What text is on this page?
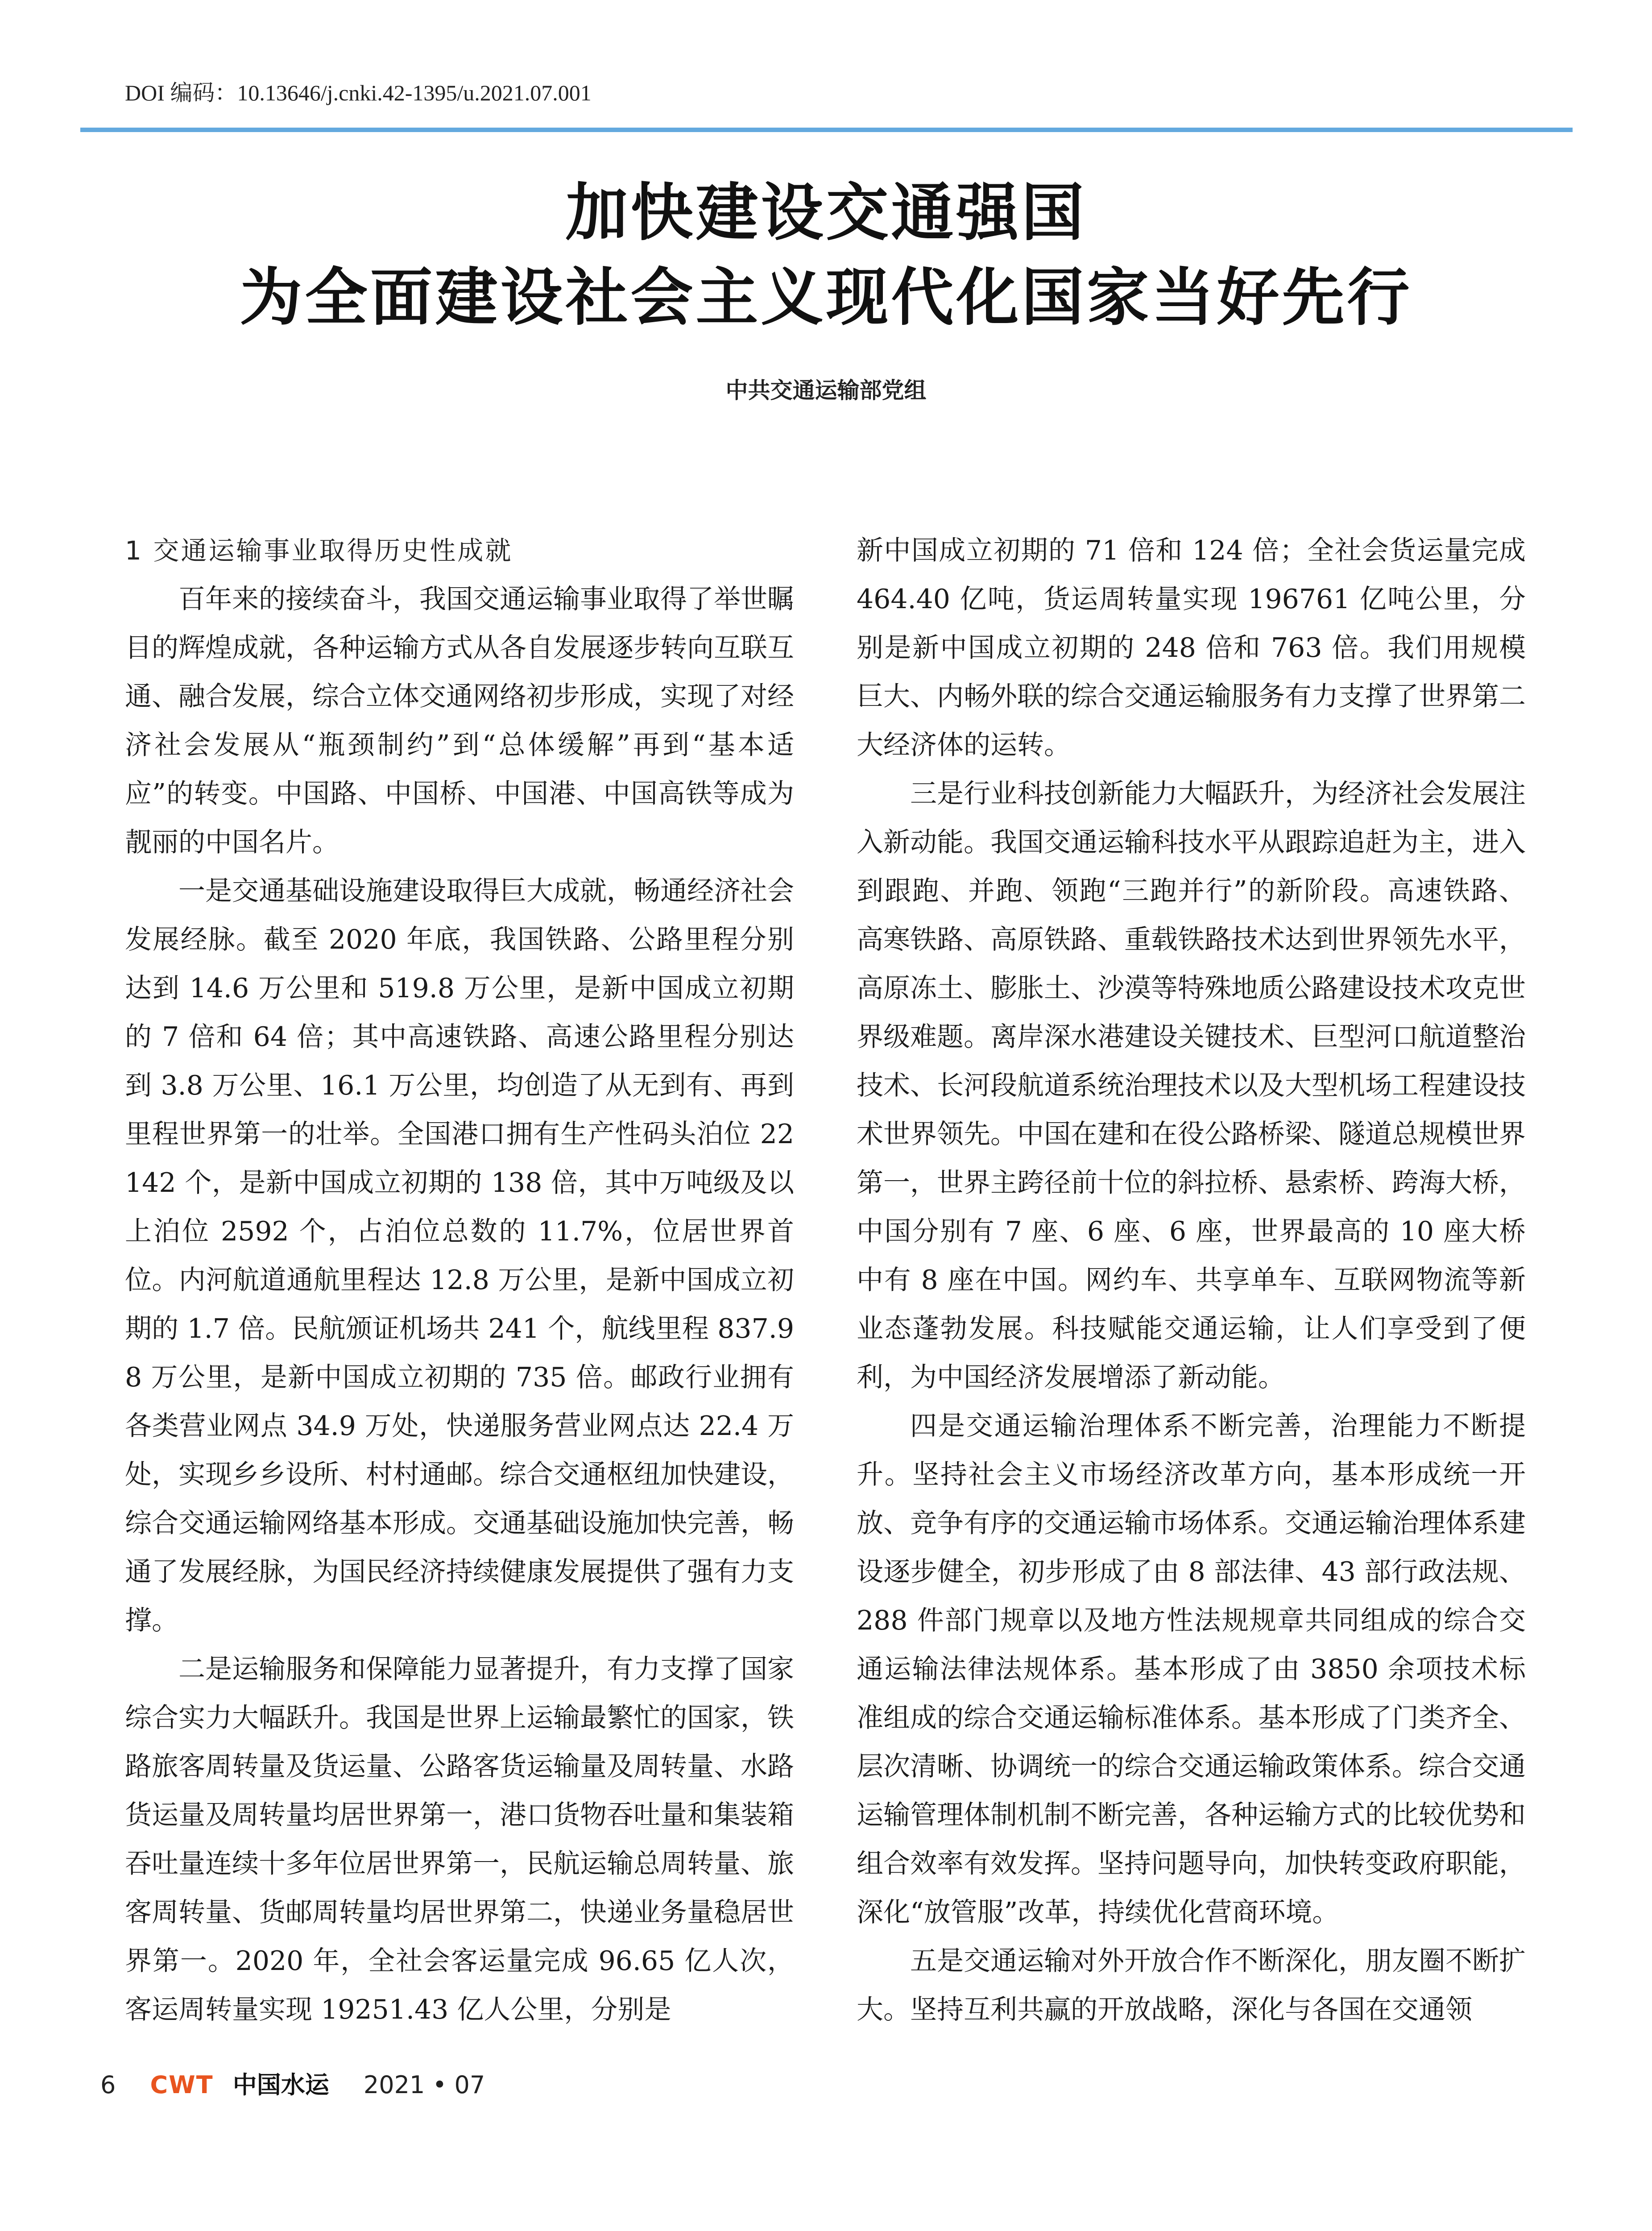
DOI 编码：10.13646/j.cnki.42-1395/u.2021.07.001
加快建设交通强国
为全面建设社会主义现代化国家当好先行
中共交通运输部党组
1 交通运输事业取得历史性成就

百年来的接续奋斗，我国交通运输事业取得了举世瞩目的辉煌成就，各种运输方式从各自发展逐步转向互联互通、融合发展，综合立体交通网络初步形成，实现了对经济社会发展从“瓶颈制约”到“总体缓解”再到“基本适应”的转变。中国路、中国桥、中国港、中国高铁等成为靓丽的中国名片。

一是交通基础设施建设取得巨大成就，畅通经济社会发展经脉。截至 2020 年底，我国铁路、公路里程分别达到 14.6 万公里和 519.8 万公里，是新中国成立初期的 7 倍和 64 倍；其中高速铁路、高速公路里程分别达到 3.8 万公里、16.1 万公里，均创造了从无到有、再到里程世界第一的壮举。全国港口拥有生产性码头泊位 22142 个，是新中国成立初期的 138 倍，其中万吨级及以上泊位 2592 个，占泊位总数的 11.7%，位居世界首位。内河航道通航里程达 12.8 万公里，是新中国成立初期的 1.7 倍。民航颁证机场共 241 个，航线里程 837.98 万公里，是新中国成立初期的 735 倍。邮政行业拥有各类营业网点 34.9 万处，快递服务营业网点达 22.4 万处，实现乡乡设所、村村通邮。综合交通枢纽加快建设，综合交通运输网络基本形成。交通基础设施加快完善，畅通了发展经脉，为国民经济持续健康发展提供了强有力支撑。

二是运输服务和保障能力显著提升，有力支撑了国家综合实力大幅跃升。我国是世界上运输最繁忙的国家，铁路旅客周转量及货运量、公路客货运输量及周转量、水路货运量及周转量均居世界第一，港口货物吞吐量和集装箱吞吐量连续十多年位居世界第一，民航运输总周转量、旅客周转量、货邮周转量均居世界第二，快递业务量稳居世界第一。2020 年，全社会客运量完成 96.65 亿人次，客运周转量实现 19251.43 亿人公里，分别是

新中国成立初期的 71 倍和 124 倍；全社会货运量完成 464.40 亿吨，货运周转量实现 196761 亿吨公里，分别是新中国成立初期的 248 倍和 763 倍。我们用规模巨大、内畅外联的综合交通运输服务有力支撑了世界第二大经济体的运转。

三是行业科技创新能力大幅跃升，为经济社会发展注入新动能。我国交通运输科技水平从跟踪追赶为主，进入到跟跑、并跑、领跑“三跑并行”的新阶段。高速铁路、高寒铁路、高原铁路、重载铁路技术达到世界领先水平，高原冻土、膨胀土、沙漠等特殊地质公路建设技术攻克世界级难题。离岸深水港建设关键技术、巨型河口航道整治技术、长河段航道系统治理技术以及大型机场工程建设技术世界领先。中国在建和在役公路桥梁、隧道总规模世界第一，世界主跨径前十位的斜拉桥、悬索桥、跨海大桥，中国分别有 7 座、6 座、6 座，世界最高的 10 座大桥中有 8 座在中国。网约车、共享单车、互联网物流等新业态蓬勃发展。科技赋能交通运输，让人们享受到了便利，为中国经济发展增添了新动能。

四是交通运输治理体系不断完善，治理能力不断提升。坚持社会主义市场经济改革方向，基本形成统一开放、竞争有序的交通运输市场体系。交通运输治理体系建设逐步健全，初步形成了由 8 部法律、43 部行政法规、288 件部门规章以及地方性法规规章共同组成的综合交通运输法律法规体系。基本形成了由 3850 余项技术标准组成的综合交通运输标准体系。基本形成了门类齐全、层次清晰、协调统一的综合交通运输政策体系。综合交通运输管理体制机制不断完善，各种运输方式的比较优势和组合效率有效发挥。坚持问题导向，加快转变政府职能，深化“放管服”改革，持续优化营商环境。

五是交通运输对外开放合作不断深化，朋友圈不断扩大。坚持互利共赢的开放战略，深化与各国在交通领

6 CWT 中国水运 2021 • 07
